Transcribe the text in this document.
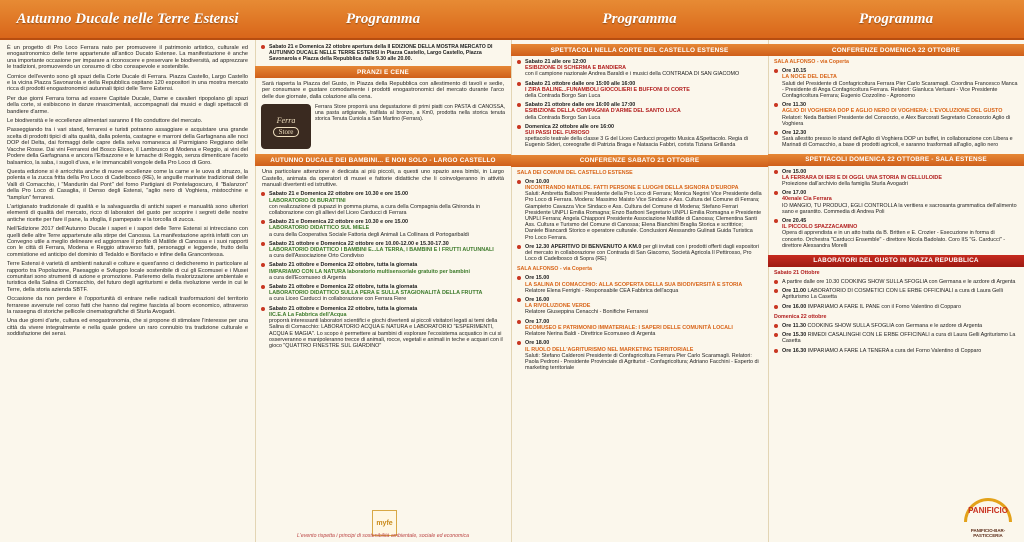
Autunno Ducale nelle Terre Estensi
È un progetto di Pro Loco Ferrara nato per promuovere il patrimonio artistico, culturale ed enogastronomico delle terre appartenute all'antico Ducato Estense. La manifestazione è anche una importante occasione per imparare a riconoscere e preservare le biodiversità, ad apprezzare le tradizioni, promuovendo un consumo di cibo consapevole e sostenibile.
Cornice dell'evento sono gli spazi della Corte Ducale di Ferrara. Piazza Castello, Largo Castello e la vicina Piazza Savonarola e della Repubblica ospitano 120 espositori in una mostra mercato ricca di prodotti enogastronomici autunnali tipici delle Terre Estensi.
Per due giorni Ferrara torna ad essere Capitale Ducale, Dame e cavalieri ripopolano gli spazi della corte, si esibiscono in danze rinascimentali, accompagnati dai musici e dagli spettacoli di bandiere d'arme.
Le biodiversità e le eccellenze alimentari saranno il filo conduttore del mercato.
Passeggiando tra i vari stand, ferraresi e turisti potranno assaggiare e acquistare una grande scelta di prodotti tipici di alta qualità, dalla polenta, castagne e marroni della Garfagnana alle noci DOP del Delta, dai formaggi delle capre della selva romanesca al Parmigiano Reggiano delle Vacche Rosse. Dai vini Ferraresi del Bosco Eliceo, il Lambrusco di Modena e Reggio, ai vini del Podere della Garfagnana e ancora l'Erbazzone e le lumache di Reggio, senza dimenticare l'aceto balsamico, la saba, i sugoli d'uva, e le immancabili vongole della Pro Loco di Goro.
Questa edizione si è arricchita anche di nuove eccellenze come la carne e le uova di struzzo, la polenta e la zucca fritta della Pro Loco di Cadelbosco (RE), le anguille marinate tradizionali delle Valli di Comacchio, i "Manduriin dal Pont" del forno Partigiani di Pontelagoscuro, il "Balanzon" della Pro Loco di Casaglia, il Denso degli Estensi, "aglio nero di Voghiera, mistocchine e "tamplun" ferraresi.
L'artigianato tradizionale di qualità e la salvaguardia di antichi saperi e manualità sono ulteriori elementi di qualità del mercato, ricco di laboratori del gusto per scoprire i segreti delle nostre antiche ricette per fare il pane, la sfoglia, il pampepato e la torcolla di zucca.
Nell'Edizione 2017 dell'Autunno Ducale i saperi e i sapori delle Terre Estensi si intrecciano con quelli delle altre Terre appartenute alla stirpe dei Canossa. La manifestazione aprirà infatti con un Convegno utile a meglio delineare ed aggiornare il profilo di Matilde di Canossa e i suoi rapporti con le città di Ferrara, Modena e Reggio attraverso fatti, personaggi e leggende, frutto della commistione ed anticipo del dominio di Tedaldo e Bonifacio e infine della Grancontessa.
Terre Estensi è varietà di ambienti naturali e colture e quest'anno ci dedicheremo in particolare al rapporto tra Popolazione, Paesaggio e Sviluppo locale sostenibile di cui gli Ecomusei e i Musei comunitari sono strumenti di azione e promozione. Parleremo della rivalorizzazione ambientale e turistica della Salina di Comacchio, del futuro degli agriturismi e della rivoluzione verde in cui le Terre, della storia azienda SBTF.
Occasione da non perdere è l'opportunità di entrare nelle radicali trasformazioni del territorio ferrarese avvenute nel corso fatti che hanno dal regime fascista al boom economico, attraverso la rassegna di storiche pellicole cinematografiche di Sturla Avogadri.
Una due giorni d'arte, cultura ed enogastronomia, che si propone di stimolare l'interesse per una città da vivere integralmente e nella quale godere un raro connubio tra tradizione culturale e soddisfazione dei sensi.
Programma
Sabato 21 e Domenica 22 ottobre apertura della II EDIZIONE DELLA MOSTRA MERCATO DI AUTUNNO DUCALE NELLE TERRE ESTENSI in Piazza Castello, Largo Castello, Piazza Savonarola e Piazza della Repubblica dalle 9.30 alle 20.00.
PRANZI E CENE
Sarà riaperta la Piazza del Gusto, in Piazza della Repubblica con allestimento di tavoli e sedie, per consumare e gustare comodamente i prodotti enogastronomici del mercato durante l'arco delle due giornate, dalla colazione alla cena.
Ferra
Store
Ferrara Store proporrà una degustazione di primi piatti con PASTA di CANOSSA, una pasta artigianale, trafilata al bronzo, a Km0, prodotta nella storica tenuta storica Tenuta Cuniola a San Martino (Ferrara).
AUTUNNO DUCALE DEI BAMBINI... E NON SOLO - LARGO CASTELLO
Una particolare attenzione è dedicata ai più piccoli, a questi uno spazio area bimbi, in Largo Castello, animata da operatori di musei e fattorie didattiche che li coinvolgeranno in attività manuali divertenti ed istruttive.
Sabato 21 e Domenica 22 ottobre ore 10.30 e ore 15.00
LABORATORIO DI BURATTINI
con realizzazione di pupazzi in gomma piuma, a cura della Compagnia della Ghironda in collaborazione con gli allievi del Liceo Carducci di Ferrara
Sabato 21 e Domenica 22 ottobre ore 10.30 e ore 15.00
LABORATORIO DIDATTICO SUL MIELE
a cura della Cooperativa Sociale Fattoria degli Animali La Collinara di Portogaribaldi
Sabato 21 ottobre e Domenica 22 ottobre ore 10.00-12.00 e 15.30-17.30
LABORATORIO DIDATTICO I BAMBINI E...LA TERRA, I BAMBINI E I FRUTTI AUTUNNALI
a cura dell'Associazione Orto Condiviso
Sabato 21 ottobre e Domenica 22 ottobre, tutta la giornata
IMPARIAMO CON LA NATURA laboratorio multisensoriale gratuito per bambini
a cura dell'Ecomuseo di Argenta
Sabato 21 ottobre e Domenica 22 ottobre, tutta la giornata
LABORATORIO DIDATTICO SULLA PERA E SULLA STAGIONALITÀ DELLA FRUTTA
a cura Liceo Carducci in collaborazione con Ferrara Fiere
Sabato 21 ottobre e Domenica 22 ottobre, tutta la giornata
IIC.E.A La Fabbrica dell'Acqua
proporrà interessanti laboratori scientifici e giochi divertenti ai piccoli visitatori legati ai temi della Salina di Comacchio: LABORATORIO ACQUA E NATURA e LABORATORIO "ESPERIMENTI, ACQUA E MAGIA". Lo scopo è permettere ai bambini di esplorare l'ecosistema acquatico in cui si osserveranno e manipoleranno trecce di animali, rocce, vegetali e animali in teche e acquari con il gioco "QUATTRO FINESTRE SUL GIARDINO"
myfe
L'evento rispetta i principi di sostenibilità ambientale, sociale ed economica
Programma
SPETTACOLI NELLA CORTE DEL CASTELLO ESTENSE
Sabato 21 alle ore 12:00
ESIBIZIONE DI SCHERMA E BANDIERA
con il campione nazionale Andrea Baraldi e i musici della CONTRADA DI SAN GIACOMO
Sabato 21 ottobre dalle ore 15:00 alle 16:00
I ZIRA BALINE...FUNAMBOLI GIOCOLIERI E BUFFONI DI CORTE
della Contrada Borgo San Luca
Sabato 21 ottobre dalle ore 16:00 alle 17:00
ESIBIZIONE DELLA COMPAGNIA D'ARME DEL SANTO LUCA
della Contrada Borgo San Luca
Domenica 22 ottobre alle ore 16:00
SUI PASSI DEL FURIOSO
spettacolo teatrale della classe 3 G del Liceo Carducci progetto Musica &Spettacolo. Regia di Eugenio Sideri, coreografie di Patrizia Braga e Natascia Fabbri, corista Tiziana Grillanda
CONFERENZE SABATO 21 OTTOBRE
SALA DEI COMUNI DEL CASTELLO ESTENSE
Ore 10.00
INCONTRANDO MATILDE. FATTI PERSONE E LUOGHI DELLA SIGNORA D'EUROPA
Saluti: Ambretta Balboni Presidente della Pro Loco di Ferrara; Monica Negrini Vice Presidente della Pro Loco di Ferrara. Modera: Massimo Maisto Vice Sindaco e Ass. Cultura del Comune di Ferrara; Giampietro Cavazza Vice Sindaco e Ass. Cultura del Comune di Modena; Stefano Ferrari Presidente UNPLI Emilia Romagna; Enzo Barboni Segretario UNPLI Emilia Romagna e Presidente UNPLI Ferrara; Angela Chiapponi Presidente Associazione Matilde di Canossa; Clementina Santi Ass. Cultura e Turismo del Comune di Canossa; Elena Bianchini Braglia Storica e scrittrice; Daniele Biancardi Storico e operatore culturale. Conclusioni Alessandro Gulinati Guida Turistica Pro Loco Ferrara.
Ore 12.30 APERITIVO DI BENVENUTO A KM.0 per gli invitati con i prodotti offerti dagli espositori del mercato in collaborazione con Contrada di San Giacomo, Società Agricola Il Pettirosso, Pro Loco di Cadelbosco di Sopra (RE)
SALA ALFONSO - via Coperta
Ore 15.00
LA SALINA DI COMACCHIO: ALLA SCOPERTA DELLA SUA BIODIVERSITÀ E STORIA
Relatore Elena Ferrighi - Responsabile CEA Fabbrica dell'acqua
Ore 16.00
LA RIVOLUZIONE VERDE
Relatore Giuseppina Cenacchi - Bonifiche Ferraresi
Ore 17.00
ECOMUSEO E PATRIMONIO IMMATERIALE: I SAPERI DELLE COMUNITÀ LOCALI
Relatore Nerina Baldi - Direttrice Ecomuseo di Argenta
Ore 18.00
IL RUOLO DELL'AGRITURISMO NEL MARKETING TERRITORIALE
Saluti: Stefano Calderoni Presidente di Confagricoltura Ferrara Pier Carlo Scaramagli. Relatori: Paola Pedroni - Presidente Provinciale di Agriturist - Confagricoltura; Adriano Facchini - Esperto di marketing territoriale
Programma
CONFERENZE DOMENICA 22 OTTOBRE
SALA ALFONSO - via Coperta
Ore 10.15
LA NOCE DEL DELTA
Saluti del Presidente di Confagricoltura Ferrara Pier Carlo Scaramagli. Coordina Francesco Manca - Presidente di Anga Confagricoltura Ferrara. Relatori: Gianluca Vertuani - Vice Presidente Confagricoltura Ferrara; Eugenio Cozzolino - Agronomo
Ore 11.30
AGLIO DI VOGHIERA DOP E AGLIO NERO DI VOGHIERA: L'EVOLUZIONE DEL GUSTO
Relatori: Neda Barbieri Presidente del Consorzio, e Alex Barcorati Segretario Consorzio Aglio di Voghiera
Ore 12.30
Sarà allestito presso lo stand dell'Aglio di Voghiera DOP un buffet, in collaborazione con Libera e Marinati di Comacchio, a base di prodotti agricoli, e saranno trasformati all'aglio, aglio nero
SPETTACOLI DOMENICA 22 OTTOBRE - SALA ESTENSE
Ore 15.00
LA FERRARA DI IERI E DI OGGI. UNA STORIA IN CELLULOIDE
Proiezione dall'archivio della famiglia Sturla Avogadri
Ore 17.00
40enale Cia Ferrara
IO MANGIO, TU PRODUCI, EGLI CONTROLLA la veritiera e sacrosanta grammatica dell'alimento sano e garantito. Commedia di Andrea Poli
Ore 20.45
IL PICCOLO SPAZZACAMINO
Opera di apprendista e in un atto tratta da B. Britten e E. Crozier - Esecuzione in forma di concerto. Orchestra "Carducci Ensemble" - direttore Nicola Badolato. Coro IIS "G. Carducci" - direttore Alessandra Morelli
LABORATORI DEL GUSTO IN PIAZZA REPUBBLICA
Sabato 21 Ottobre
A partire dalle ore 10.30 COOKING SHOW SULLA SFOGLIA con Germana e le azdore di Argenta
Ore 11.00 LABORATORIO DI COSMETICI CON LE ERBE OFFICINALI a cura di Laura Gelli Agriturismo La Casetta
Ore 16.00 IMPARIAMO A FARE IL PANE con il Forno Valentino di Copparo
Domenica 22 ottobre
Ore 11.30 COOKING SHOW SULLA SFOGLIA con Germana e le azdore di Argenta
Ore 15.30 RIMEDI CASALINGHI CON LE ERBE OFFICINALI a cura di Laura Gelli Agriturismo La Casetta
Ore 16.30 IMPARIAMO A FARE LA TENERA a cura del Forno Valentino di Copparo
PANIFICIO
PANIFICIO-BAR-PASTICCERIA
